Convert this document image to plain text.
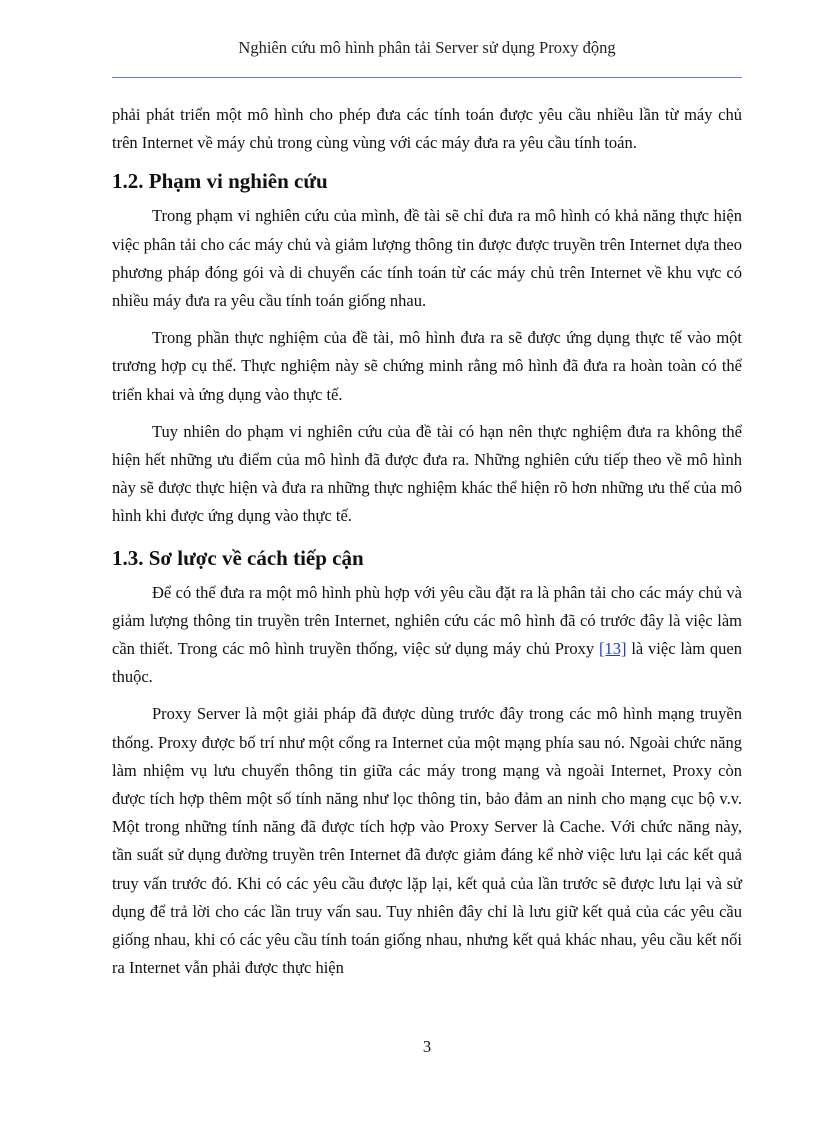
Nghiên cứu mô hình phân tải Server sử dụng Proxy động

phải phát triển một mô hình cho phép đưa các tính toán được yêu cầu nhiều lần từ máy chủ trên Internet về máy chủ trong cùng vùng với các máy đưa ra yêu cầu tính toán.

1.2. Phạm vi nghiên cứu

Trong phạm vi nghiên cứu của mình, đề tài sẽ chỉ đưa ra mô hình có khả năng thực hiện việc phân tải cho các máy chủ và giảm lượng thông tin được được truyền trên Internet dựa theo phương pháp đóng gói và di chuyển các tính toán từ các máy chủ trên Internet về khu vực có nhiều máy đưa ra yêu cầu tính toán giống nhau.

Trong phần thực nghiệm của đề tài, mô hình đưa ra sẽ được ứng dụng thực tế vào một trương hợp cụ thể. Thực nghiệm này sẽ chứng minh rằng mô hình đã đưa ra hoàn toàn có thể triển khai và ứng dụng vào thực tế.

Tuy nhiên do phạm vi nghiên cứu của đề tài có hạn nên thực nghiệm đưa ra không thể hiện hết những ưu điểm của mô hình đã được đưa ra. Những nghiên cứu tiếp theo về mô hình này sẽ được thực hiện và đưa ra những thực nghiệm khác thể hiện rõ hơn những ưu thế của mô hình khi được ứng dụng vào thực tế.

1.3. Sơ lược về cách tiếp cận

Để có thể đưa ra một mô hình phù hợp với yêu cầu đặt ra là phân tải cho các máy chủ và giảm lượng thông tin truyền trên Internet, nghiên cứu các mô hình đã có trước đây là việc làm cần thiết. Trong các mô hình truyền thống, việc sử dụng máy chủ Proxy [13] là việc làm quen thuộc.

Proxy Server là một giải pháp đã được dùng trước đây trong các mô hình mạng truyền thống. Proxy được bố trí như một cổng ra Internet của một mạng phía sau nó. Ngoài chức năng làm nhiệm vụ lưu chuyển thông tin giữa các máy trong mạng và ngoài Internet, Proxy còn được tích hợp thêm một số tính năng như lọc thông tin, bảo đảm an ninh cho mạng cục bộ v.v. Một trong những tính năng đã được tích hợp vào Proxy Server là Cache. Với chức năng này, tần suất sử dụng đường truyền trên Internet đã được giảm đáng kể nhờ việc lưu lại các kết quả truy vấn trước đó. Khi có các yêu cầu được lặp lại, kết quả của lần trước sẽ được lưu lại và sử dụng để trả lời cho các lần truy vấn sau. Tuy nhiên đây chỉ là lưu giữ kết quả của các yêu cầu giống nhau, khi có các yêu cầu tính toán giống nhau, nhưng kết quả khác nhau, yêu cầu kết nối ra Internet vẫn phải được thực hiện

3
